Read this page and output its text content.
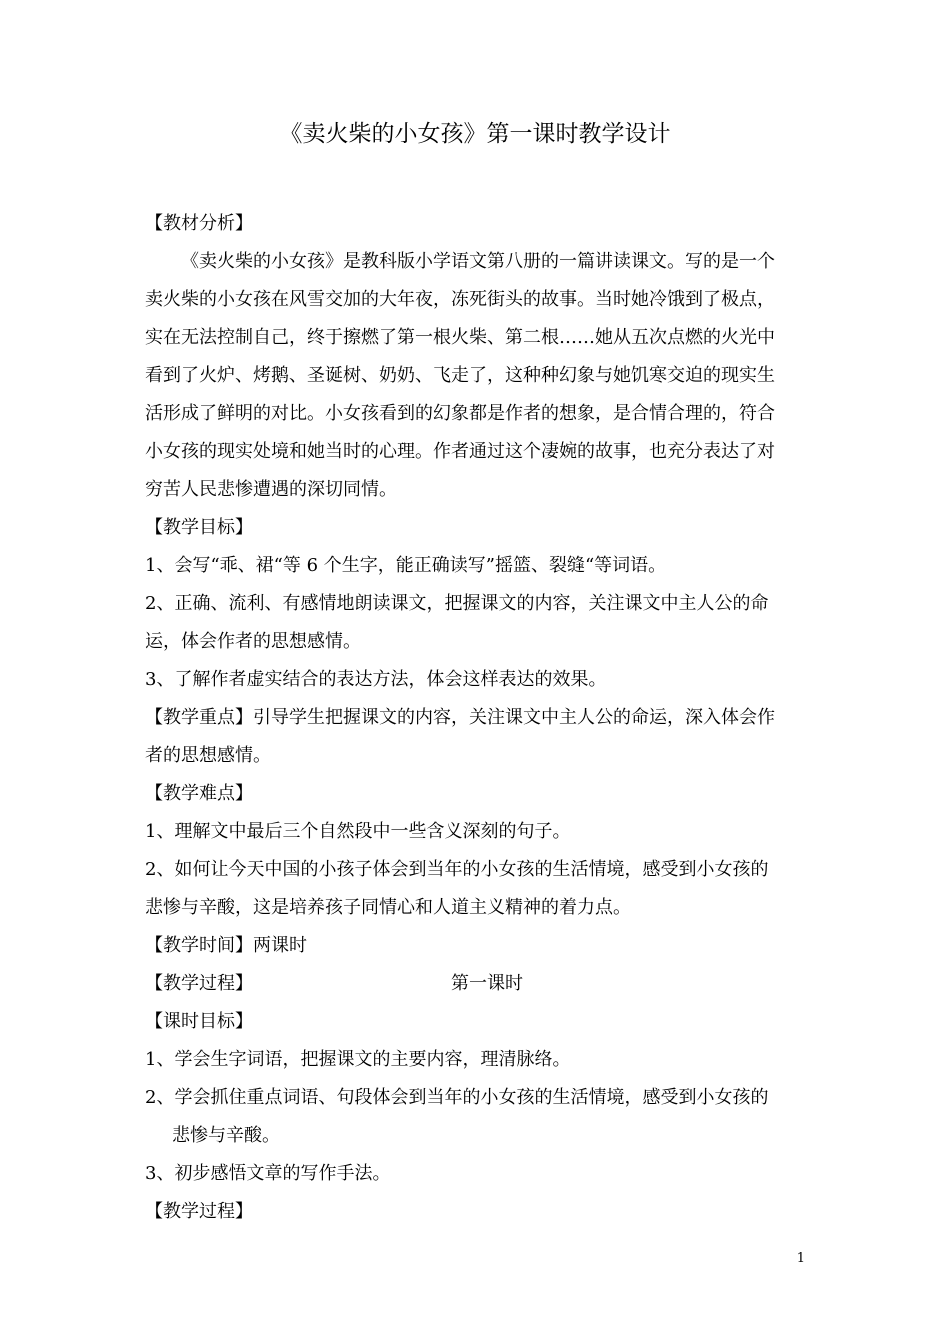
《卖火柴的小女孩》第一课时教学设计
【教材分析】
《卖火柴的小女孩》是教科版小学语文第八册的一篇讲读课文。写的是一个
卖火柴的小女孩在风雪交加的大年夜，冻死街头的故事。当时她冷饿到了极点，
实在无法控制自己，终于擦燃了第一根火柴、第二根……她从五次点燃的火光中
看到了火炉、烤鹅、圣诞树、奶奶、飞走了，这种种幻象与她饥寒交迫的现实生
活形成了鲜明的对比。小女孩看到的幻象都是作者的想象，是合情合理的，符合
小女孩的现实处境和她当时的心理。作者通过这个凄婉的故事，也充分表达了对
穷苦人民悲惨遭遇的深切同情。
【教学目标】
1、会写“乖、裙“等 6 个生字，能正确读写”摇篮、裂缝“等词语。
2、正确、流利、有感情地朗读课文，把握课文的内容，关注课文中主人公的命
运，体会作者的思想感情。
3、了解作者虚实结合的表达方法，体会这样表达的效果。
【教学重点】引导学生把握课文的内容，关注课文中主人公的命运，深入体会作
者的思想感情。
【教学难点】
1、理解文中最后三个自然段中一些含义深刻的句子。
2、如何让今天中国的小孩子体会到当年的小女孩的生活情境，感受到小女孩的
悲惨与辛酸，这是培养孩子同情心和人道主义精神的着力点。
【教学时间】两课时
【教学过程】	第一课时
【课时目标】
1、学会生字词语，把握课文的主要内容，理清脉络。
2、学会抓住重点词语、句段体会到当年的小女孩的生活情境，感受到小女孩的
悲惨与辛酸。
3、初步感悟文章的写作手法。
【教学过程】
1
